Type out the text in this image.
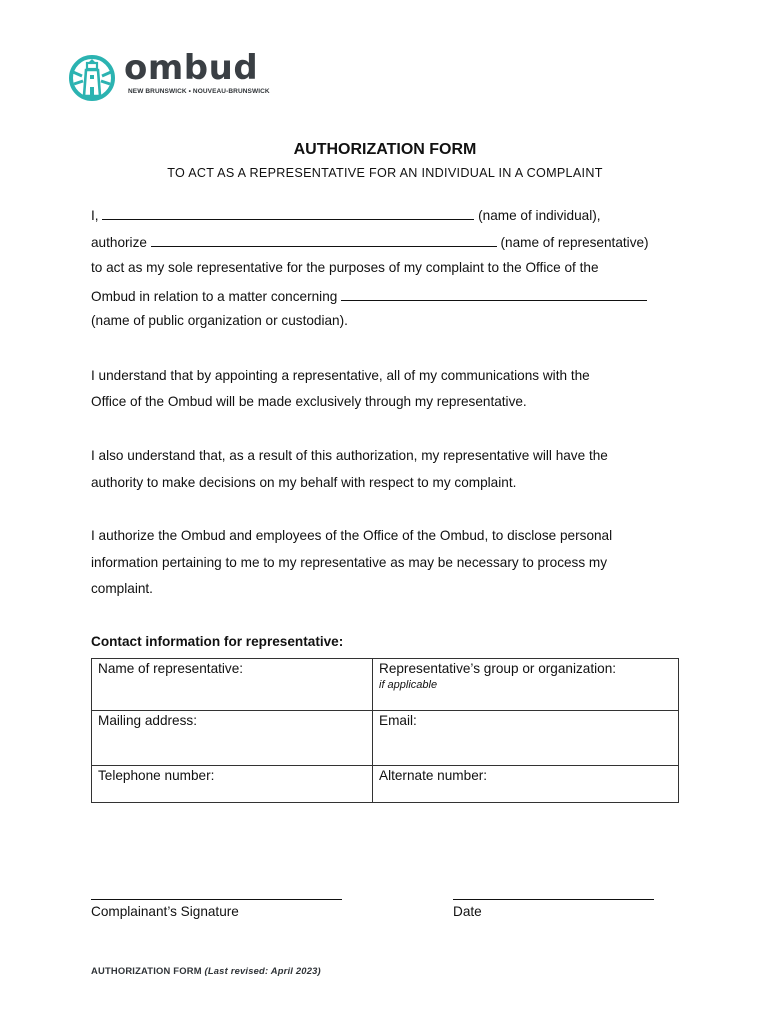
ombud
NEW BRUNSWICK • NOUVEAU-BRUNSWICK
AUTHORIZATION FORM
TO ACT AS A REPRESENTATIVE FOR AN INDIVIDUAL IN A COMPLAINT
I,	(name of individual),
authorize	(name of representative)
to act as my sole representative for the purposes of my complaint to the Office of the
Ombud in relation to a matter concerning
(name of public organization or custodian).
I understand that by appointing a representative, all of my communications with the
Office of the Ombud will be made exclusively through my representative.
I also understand that, as a result of this authorization, my representative will have the
authority to make decisions on my behalf with respect to my complaint.
I authorize the Ombud and employees of the Office of the Ombud, to disclose personal
information pertaining to me to my representative as may be necessary to process my
complaint.
Contact information for representative:
Name of representative:	Representative’s group or organization:
if applicable

Mailing address:	Email:
Telephone number:	Alternate number:
Complainant’s Signature	Date
AUTHORIZATION FORM (Last revised: April 2023)
